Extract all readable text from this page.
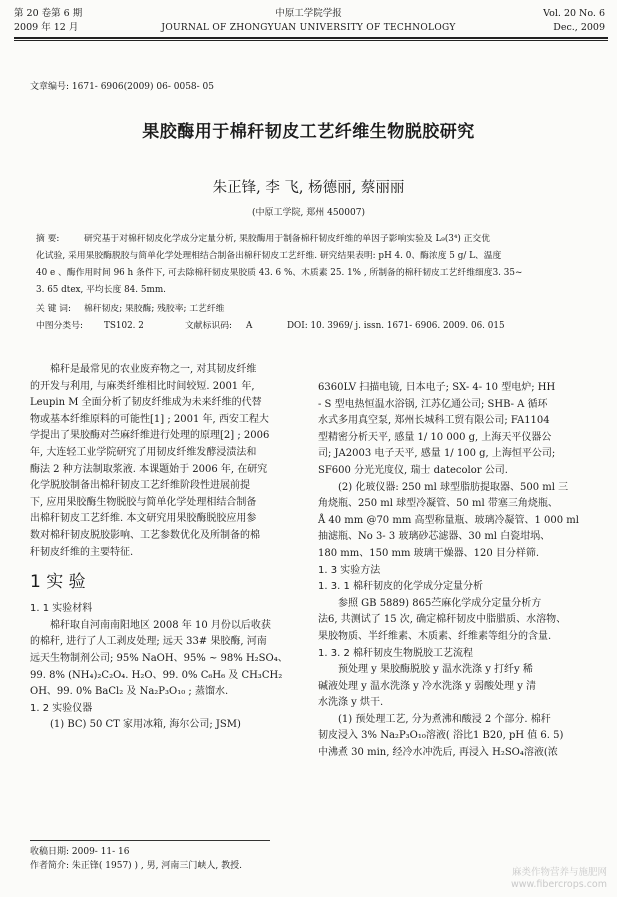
第 20 卷第 6 期
2009 年 12 月
中原工学院学报
JOURNAL OF ZHONGYUAN UNIVERSITY OF TECHNOLOGY
Vol. 20 No. 6
Dec., 2009
文章编号: 1671- 6906(2009) 06- 0058- 05
果胶酶用于棉秆韧皮工艺纤维生物脱胶研究
朱正锋, 李 飞, 杨德丽, 蔡丽丽
(中原工学院, 郑州 450007)
摘 要:	研究基于对棉秆韧皮化学成分定量分析, 果胶酶用于制备棉秆韧皮纤维的单因子影响实验及 L₉(3⁴) 正交优
化试验, 采用果胶酶脱胶与简单化学处理相结合制备出棉秆韧皮工艺纤维. 研究结果表明: pH 4. 0、酶浓度 5 g/ L、温度
40 e 、酶作用时间 96 h 条件下, 可去除棉秆韧皮果胶质 43. 6 %、木质素 25. 1% , 所制备的棉秆韧皮工艺纤维细度3. 35~
3. 65 dtex, 平均长度 84. 5mm.
关 键 词: 棉秆韧皮; 果胶酶; 残胶率; 工艺纤维
中图分类号: TS102. 2	文献标识码: A	DOI: 10. 3969/ j. issn. 1671- 6906. 2009. 06. 015

棉秆是最常见的农业废弃物之一, 对其韧皮纤维

的开发与利用, 与麻类纤维相比时间较短. 2001 年,

Leupin M 全面分析了韧皮纤维成为未来纤维的代替

物或基本纤维原料的可能性[1] ; 2001 年, 西安工程大

学提出了果胶酶对苎麻纤维进行处理的原理[2] ; 2006

年, 大连轻工业学院研究了用韧皮纤维发酵浸渍法和

酶法 2 种方法制取浆液. 本课题始于 2006 年, 在研究

化学脱胶制备出棉秆韧皮工艺纤维阶段性进展前提

下, 应用果胶酶生物脱胶与简单化学处理相结合制备

出棉秆韧皮工艺纤维. 本文研究用果胶酶脱胶应用参

数对棉秆韧皮脱胶影响、工艺参数优化及所制备的棉

秆韧皮纤维的主要特征.

1 实 验
1. 1 实验材料

棉秆取自河南南阳地区 2008 年 10 月份以后收获

的棉秆, 进行了人工剥皮处理; 远天 33# 果胶酶, 河南

远天生物制剂公司; 95% NaOH、95% ~ 98% H₂SO₄、

99. 8% (NH₄)₂C₂O₄. H₂O、99. 0% C₆H₆ 及 CH₃CH₂

OH、99. 0% BaCl₂ 及 Na₂P₃O₁₀ ; 蒸馏水.

1. 2 实验仪器

(1) BC) 50 CT 家用冰箱, 海尔公司; JSM)

6360LV 扫描电镜, 日本电子; SX- 4- 10 型电炉; HH

- S 型电热恒温水浴锅, 江苏亿通公司; SHB- A 循环

水式多用真空泵, 郑州长城科工贸有限公司; FA1104

型精密分析天平, 感量 1/ 10 000 g, 上海天平仪器公

司; JA2003 电子天平, 感量 1/ 100 g, 上海恒平公司;

SF600 分光光度仪, 瑞士 datecolor 公司.

(2) 化玻仪器: 250 ml 球型脂肪提取器、500 ml 三

角烧瓶、250 ml 球型冷凝管、50 ml 带塞三角烧瓶、

Å 40 mm @70 mm 高型称量瓶、玻璃冷凝管、1 000 ml

抽滤瓶、No 3- 3 玻璃砂芯滤器、30 ml 白瓷坩埚、

180 mm、150 mm 玻璃干燥器、120 目分样筛.

1. 3 实验方法
1. 3. 1 棉秆韧皮的化学成分定量分析

参照 GB 5889) 865苎麻化学成分定量分析方

法6, 共测试了 15 次, 确定棉秆韧皮中脂腊质、水溶物、

果胶物质、半纤维素、木质素、纤维素等组分的含量.

1. 3. 2 棉秆韧皮生物脱胶工艺流程

预处理 y 果胶酶脱胶 y 温水洗涤 y 打纤y 稀

碱液处理 y 温水洗涤 y 冷水洗涤 y 弱酸处理 y 清

水洗涤 y 烘干.

(1) 预处理工艺, 分为煮沸和酸浸 2 个部分. 棉秆

韧皮浸入 3% Na₂P₃O₁₀溶液( 浴比1 B20, pH 值 6. 5)

中沸煮 30 min, 经冷水冲洗后, 再浸入 H₂SO₄溶液(浓

收稿日期: 2009- 11- 16
作者简介: 朱正锋( 1957) ) , 男, 河南三门峡人, 教授.
麻类作物营养与施肥网
www.fibercrops.com
